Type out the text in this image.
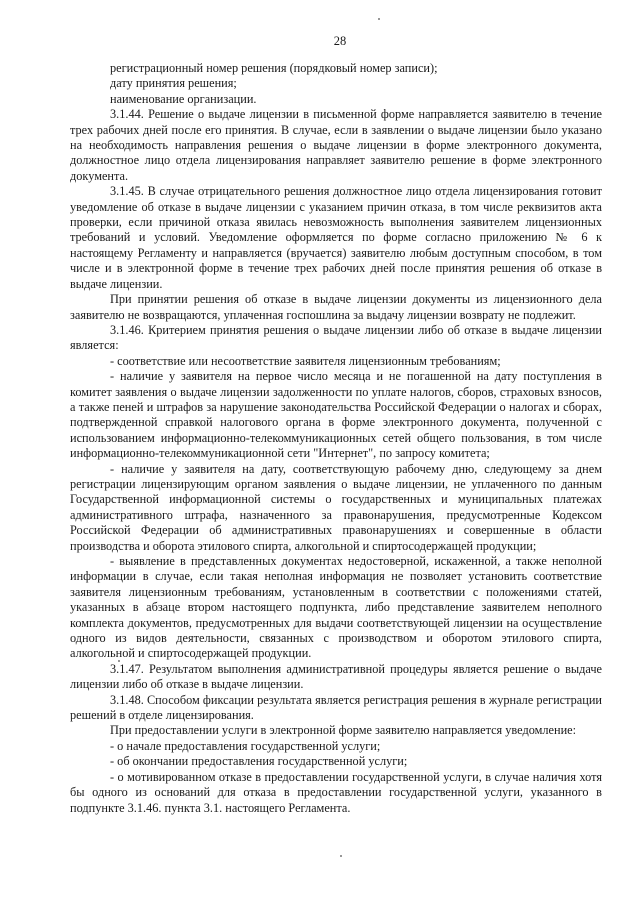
28

регистрационный номер решения (порядковый номер записи);

дату принятия решения;

наименование организации.

3.1.44. Решение о выдаче лицензии в письменной форме направляется заявителю в течение трех рабочих дней после его принятия. В случае, если в заявлении о выдаче лицензии было указано на необходимость направления решения о выдаче лицензии в форме электронного документа, должностное лицо отдела лицензирования направляет заявителю решение в форме электронного документа.

3.1.45. В случае отрицательного решения должностное лицо отдела лицензирования готовит уведомление об отказе в выдаче лицензии с указанием причин отказа, в том числе реквизитов акта проверки, если причиной отказа явилась невозможность выполнения заявителем лицензионных требований и условий. Уведомление оформляется по форме согласно приложению № 6 к настоящему Регламенту и направляется (вручается) заявителю любым доступным способом, в том числе и в электронной форме в течение трех рабочих дней после принятия решения об отказе в выдаче лицензии.

При принятии решения об отказе в выдаче лицензии документы из лицензионного дела заявителю не возвращаются, уплаченная госпошлина за выдачу лицензии возврату не подлежит.

3.1.46. Критерием принятия решения о выдаче лицензии либо об отказе в выдаче лицензии является:

- соответствие или несоответствие заявителя лицензионным требованиям;

- наличие у заявителя на первое число месяца и не погашенной на дату поступления в комитет заявления о выдаче лицензии задолженности по уплате налогов, сборов, страховых взносов, а также пеней и штрафов за нарушение законодательства Российской Федерации о налогах и сборах, подтвержденной справкой налогового органа в форме электронного документа, полученной с использованием информационно-телекоммуникационных сетей общего пользования, в том числе информационно-телекоммуникационной сети "Интернет", по запросу комитета;

- наличие у заявителя на дату, соответствующую рабочему дню, следующему за днем регистрации лицензирующим органом заявления о выдаче лицензии, не уплаченного по данным Государственной информационной системы о государственных и муниципальных платежах административного штрафа, назначенного за правонарушения, предусмотренные Кодексом Российской Федерации об административных правонарушениях и совершенные в области производства и оборота этилового спирта, алкогольной и спиртосодержащей продукции;

- выявление в представленных документах недостоверной, искаженной, а также неполной информации в случае, если такая неполная информация не позволяет установить соответствие заявителя лицензионным требованиям, установленным в соответствии с положениями статей, указанных в абзаце втором настоящего подпункта, либо представление заявителем неполного комплекта документов, предусмотренных для выдачи соответствующей лицензии на осуществление одного из видов деятельности, связанных с производством и оборотом этилового спирта, алкогольной и спиртосодержащей продукции.

3.1.47. Результатом выполнения административной процедуры является решение о выдаче лицензии либо об отказе в выдаче лицензии.

3.1.48. Способом фиксации результата является регистрация решения в журнале регистрации решений в отделе лицензирования.

При предоставлении услуги в электронной форме заявителю направляется уведомление:

- о начале предоставления государственной услуги;

- об окончании предоставления государственной услуги;

- о мотивированном отказе в предоставлении государственной услуги, в случае наличия хотя бы одного из оснований для отказа в предоставлении государственной услуги, указанного в подпункте 3.1.46. пункта 3.1. настоящего Регламента.
